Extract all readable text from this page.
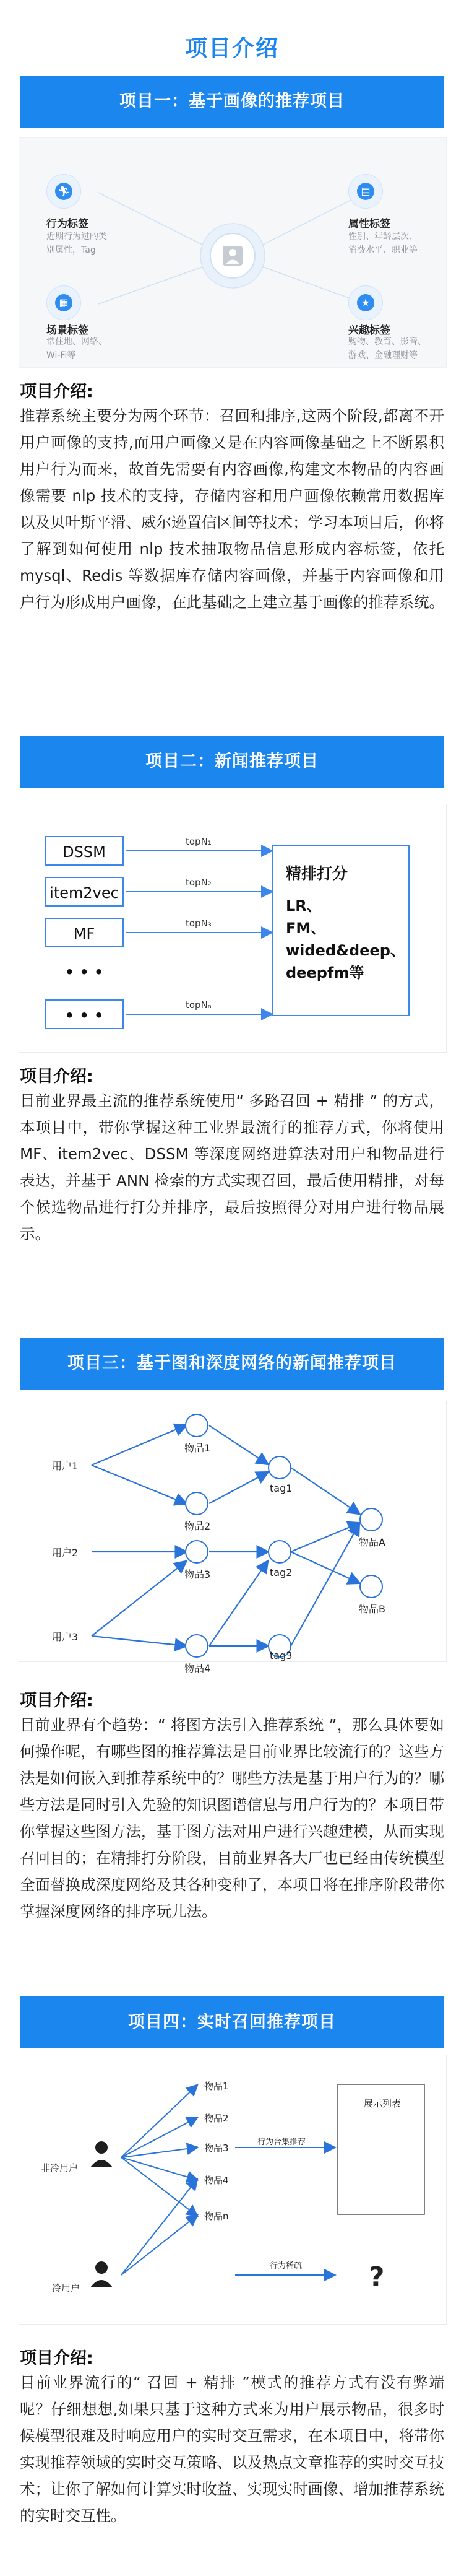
项目介绍
项目一：基于画像的推荐项目
🏃︎
行为标签
近期行为过的类
别属性，Tag
▤
属性标签
性别、年龄层次、
消费水平、职业等
▦
场景标签
常住地、网络、
Wi-Fi等
★
兴趣标签
购物、教育、影音、
游戏、金融理财等
项目介绍:
推荐系统主要分为两个环节：召回和排序,这两个阶段,都离不开用户画像的支持,而用户画像又是在内容画像基础之上不断累积用户行为而来，故首先需要有内容画像,构建文本物品的内容画像需要 nlp 技术的支持，存储内容和用户画像依赖常用数据库以及贝叶斯平滑、威尔逊置信区间等技术；学习本项目后，你将了解到如何使用 nlp 技术抽取物品信息形成内容标签，依托 mysql、Redis 等数据库存储内容画像，并基于内容画像和用户行为形成用户画像，在此基础之上建立基于画像的推荐系统。
项目二：新闻推荐项目
DSSM
item2vec
MF
• • •
• • •
topN₁
topN₂
topN₃
topNₙ
精排打分
LR、
FM、
wided&deep、
deepfm等
项目介绍:
目前业界最主流的推荐系统使用“ 多路召回 + 精排 ” 的方式，本项目中，带你掌握这种工业界最流行的推荐方式，你将使用 MF、item2vec、DSSM 等深度网络进算法对用户和物品进行表达，并基于 ANN 检索的方式实现召回，最后使用精排，对每个候选物品进行打分并排序，最后按照得分对用户进行物品展示。
项目三：基于图和深度网络的新闻推荐项目
用户1
用户2
用户3
物品1
物品2
物品3
物品4
tag1
tag2
tag3
物品A
物品B
项目介绍:
目前业界有个趋势：“ 将图方法引入推荐系统 ”，那么具体要如何操作呢，有哪些图的推荐算法是目前业界比较流行的？这些方法是如何嵌入到推荐系统中的？哪些方法是基于用户行为的？哪些方法是同时引入先验的知识图谱信息与用户行为的？本项目带你掌握这些图方法，基于图方法对用户进行兴趣建模，从而实现召回目的；在精排打分阶段，目前业界各大厂也已经由传统模型全面替换成深度网络及其各种变种了，本项目将在排序阶段带你掌握深度网络的排序玩儿法。
项目四：实时召回推荐项目
非冷用户
冷用户
物品1
物品2
物品3
物品4
物品n
行为合集推荐
行为稀疏
展示列表
?
项目介绍:
目前业界流行的“ 召回 + 精排 ”模式的推荐方式有没有弊端呢？仔细想想,如果只基于这种方式来为用户展示物品，很多时候模型很难及时响应用户的实时交互需求，在本项目中，将带你实现推荐领域的实时交互策略、以及热点文章推荐的实时交互技术；让你了解如何计算实时收益、实现实时画像、增加推荐系统的实时交互性。
